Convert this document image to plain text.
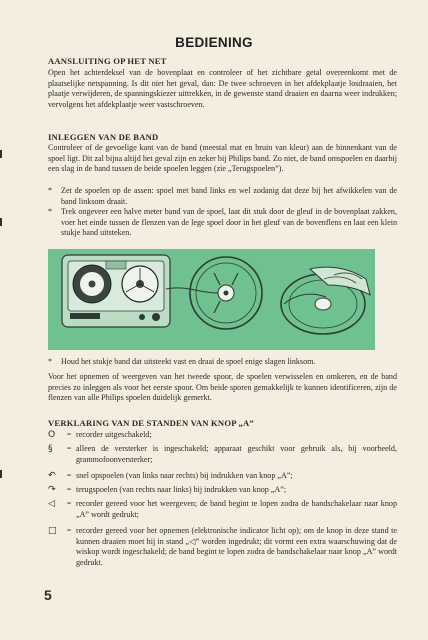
BEDIENING
AANSLUITING OP HET NET
Open het achterdeksel van de bovenplaat en controleer of het zichtbare getal overeenkomt met de plaatselijke netspanning. Is dit niet het geval, dan: De twee schroeven in het afdekplaatje losdraaien, het plaatje verwijderen, de spanningskiezer uittrekken, in de gewenste stand draaien en daarna weer indrukken; vervolgens het afdekplaatje weer vastschroeven.
INLEGGEN VAN DE BAND
Controleer of de gevoelige kant van de band (meestal mat en bruin van kleur) aan de binnenkant van de spoel ligt. Dit zal bijna altijd het geval zijn en zeker bij Philips band. Zo niet, de band omspoelen en daarbij een slag in de band tussen de beide spoelen leggen (zie „Terugspoelen”).
* Zet de spoelen op de assen: spoel met band links en wel zodanig dat deze bij het afwikkelen van de band linksom draait.
* Trek ongeveer een halve meter band van de spoel, laat dit stuk door de gleuf in de bovenplaat zakken, voer het einde tussen de flenzen van de lege spoel door in het gleuf van de bovenflens en laat een klein stukje band uitsteken.
* Houd het stukje band dat uitsteekt vast en draai de spoel enige slagen linksom.
Voor het opnemen of weergeven van het tweede spoor, de spoelen verwisselen en omkeren, en de band precies zo inleggen als voor het eerste spoor. Om beide sporen gemakkelijk te kunnen identificeren, zijn de flenzen van alle Philips spoelen duidelijk gemerkt.
VERKLARING VAN DE STANDEN VAN KNOP „A”
O	= recorder uitgeschakeld;
§	= alleen de versterker is ingeschakeld; apparaat geschikt voor gebruik als, bij voorbeeld, grammofoonversterker;
↶	= snel opspoelen (van links naar rechts) bij indrukken van knop „A”;
↷	= terugspoelen (van rechts naar links) bij indrukken van knop „A”;
◁	= recorder gereed voor het weergeven; de band begint te lopen zodra de bandschakelaar naar knop „A” wordt gedrukt;
□	= recorder gereed voor het opnemen (elektronische indicator licht op); om de knop in deze stand te kunnen draaien moet hij in stand „◁” worden ingedrukt; dit vormt een extra waarschuwing dat de wiskop wordt ingeschakeld; de band begint te lopen zodra de bandschakelaar naar knop „A” wordt gedrukt.
5
